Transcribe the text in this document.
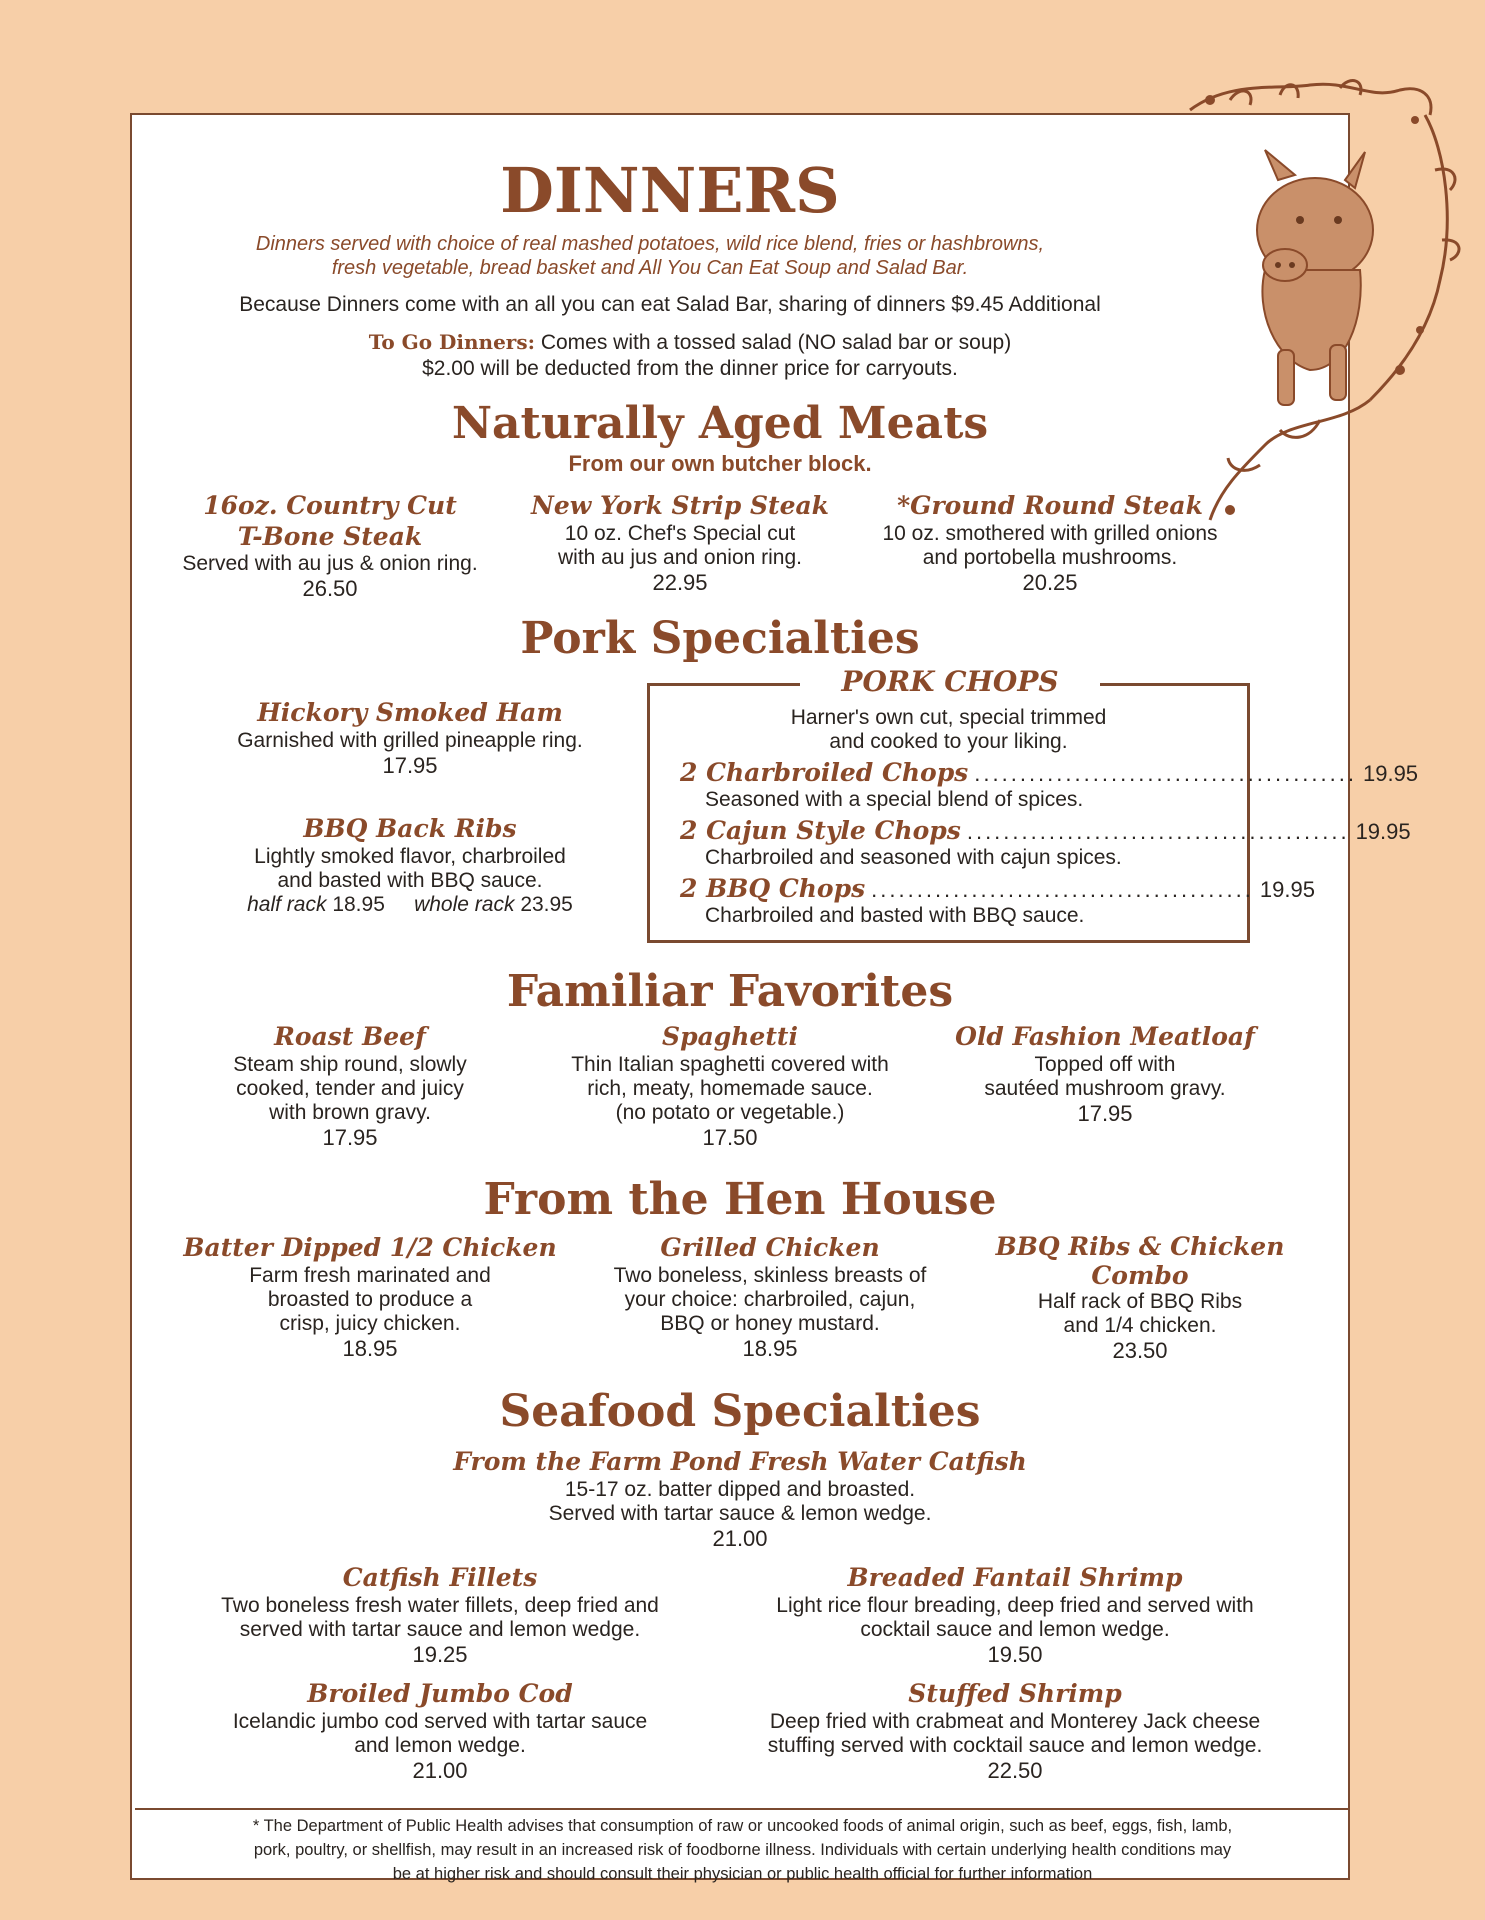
DINNERS
Dinners served with choice of real mashed potatoes, wild rice blend, fries or hashbrowns,
fresh vegetable, bread basket and All You Can Eat Soup and Salad Bar.
Because Dinners come with an all you can eat Salad Bar, sharing of dinners $9.45 Additional
To Go Dinners: Comes with a tossed salad (NO salad bar or soup)
$2.00 will be deducted from the dinner price for carryouts.
Naturally Aged Meats
From our own butcher block.
16oz. Country Cut
T-Bone Steak
Served with au jus & onion ring.
26.50
New York Strip Steak
10 oz. Chef's Special cut
with au jus and onion ring.
22.95
*Ground Round Steak
10 oz. smothered with grilled onions
and portobella mushrooms.
20.25
Pork Specialties
Hickory Smoked Ham
Garnished with grilled pineapple ring.
17.95
BBQ Back Ribs
Lightly smoked flavor, charbroiled
and basted with BBQ sauce.
half rack 18.95 whole rack 23.95
PORK CHOPS
Harner's own cut, special trimmed
and cooked to your liking.
2 Charbroiled Chops .......................................... 19.95
Seasoned with a special blend of spices.
2 Cajun Style Chops .......................................... 19.95
Charbroiled and seasoned with cajun spices.
2 BBQ Chops .......................................... 19.95
Charbroiled and basted with BBQ sauce.
Familiar Favorites
Roast Beef
Steam ship round, slowly
cooked, tender and juicy
with brown gravy.
17.95
Spaghetti
Thin Italian spaghetti covered with
rich, meaty, homemade sauce.
(no potato or vegetable.)
17.50
Old Fashion Meatloaf
Topped off with
sautéed mushroom gravy.
17.95
From the Hen House
Batter Dipped 1/2 Chicken
Farm fresh marinated and
broasted to produce a
crisp, juicy chicken.
18.95
Grilled Chicken
Two boneless, skinless breasts of
your choice: charbroiled, cajun,
BBQ or honey mustard.
18.95
BBQ Ribs & Chicken
Combo
Half rack of BBQ Ribs
and 1/4 chicken.
23.50
Seafood Specialties
From the Farm Pond Fresh Water Catfish
15-17 oz. batter dipped and broasted.
Served with tartar sauce & lemon wedge.
21.00
Catfish Fillets
Two boneless fresh water fillets, deep fried and
served with tartar sauce and lemon wedge.
19.25
Breaded Fantail Shrimp
Light rice flour breading, deep fried and served with
cocktail sauce and lemon wedge.
19.50
Broiled Jumbo Cod
Icelandic jumbo cod served with tartar sauce
and lemon wedge.
21.00
Stuffed Shrimp
Deep fried with crabmeat and Monterey Jack cheese
stuffing served with cocktail sauce and lemon wedge.
22.50
* The Department of Public Health advises that consumption of raw or uncooked foods of animal origin, such as beef, eggs, fish, lamb,
pork, poultry, or shellfish, may result in an increased risk of foodborne illness. Individuals with certain underlying health conditions may
be at higher risk and should consult their physician or public health official for further information
